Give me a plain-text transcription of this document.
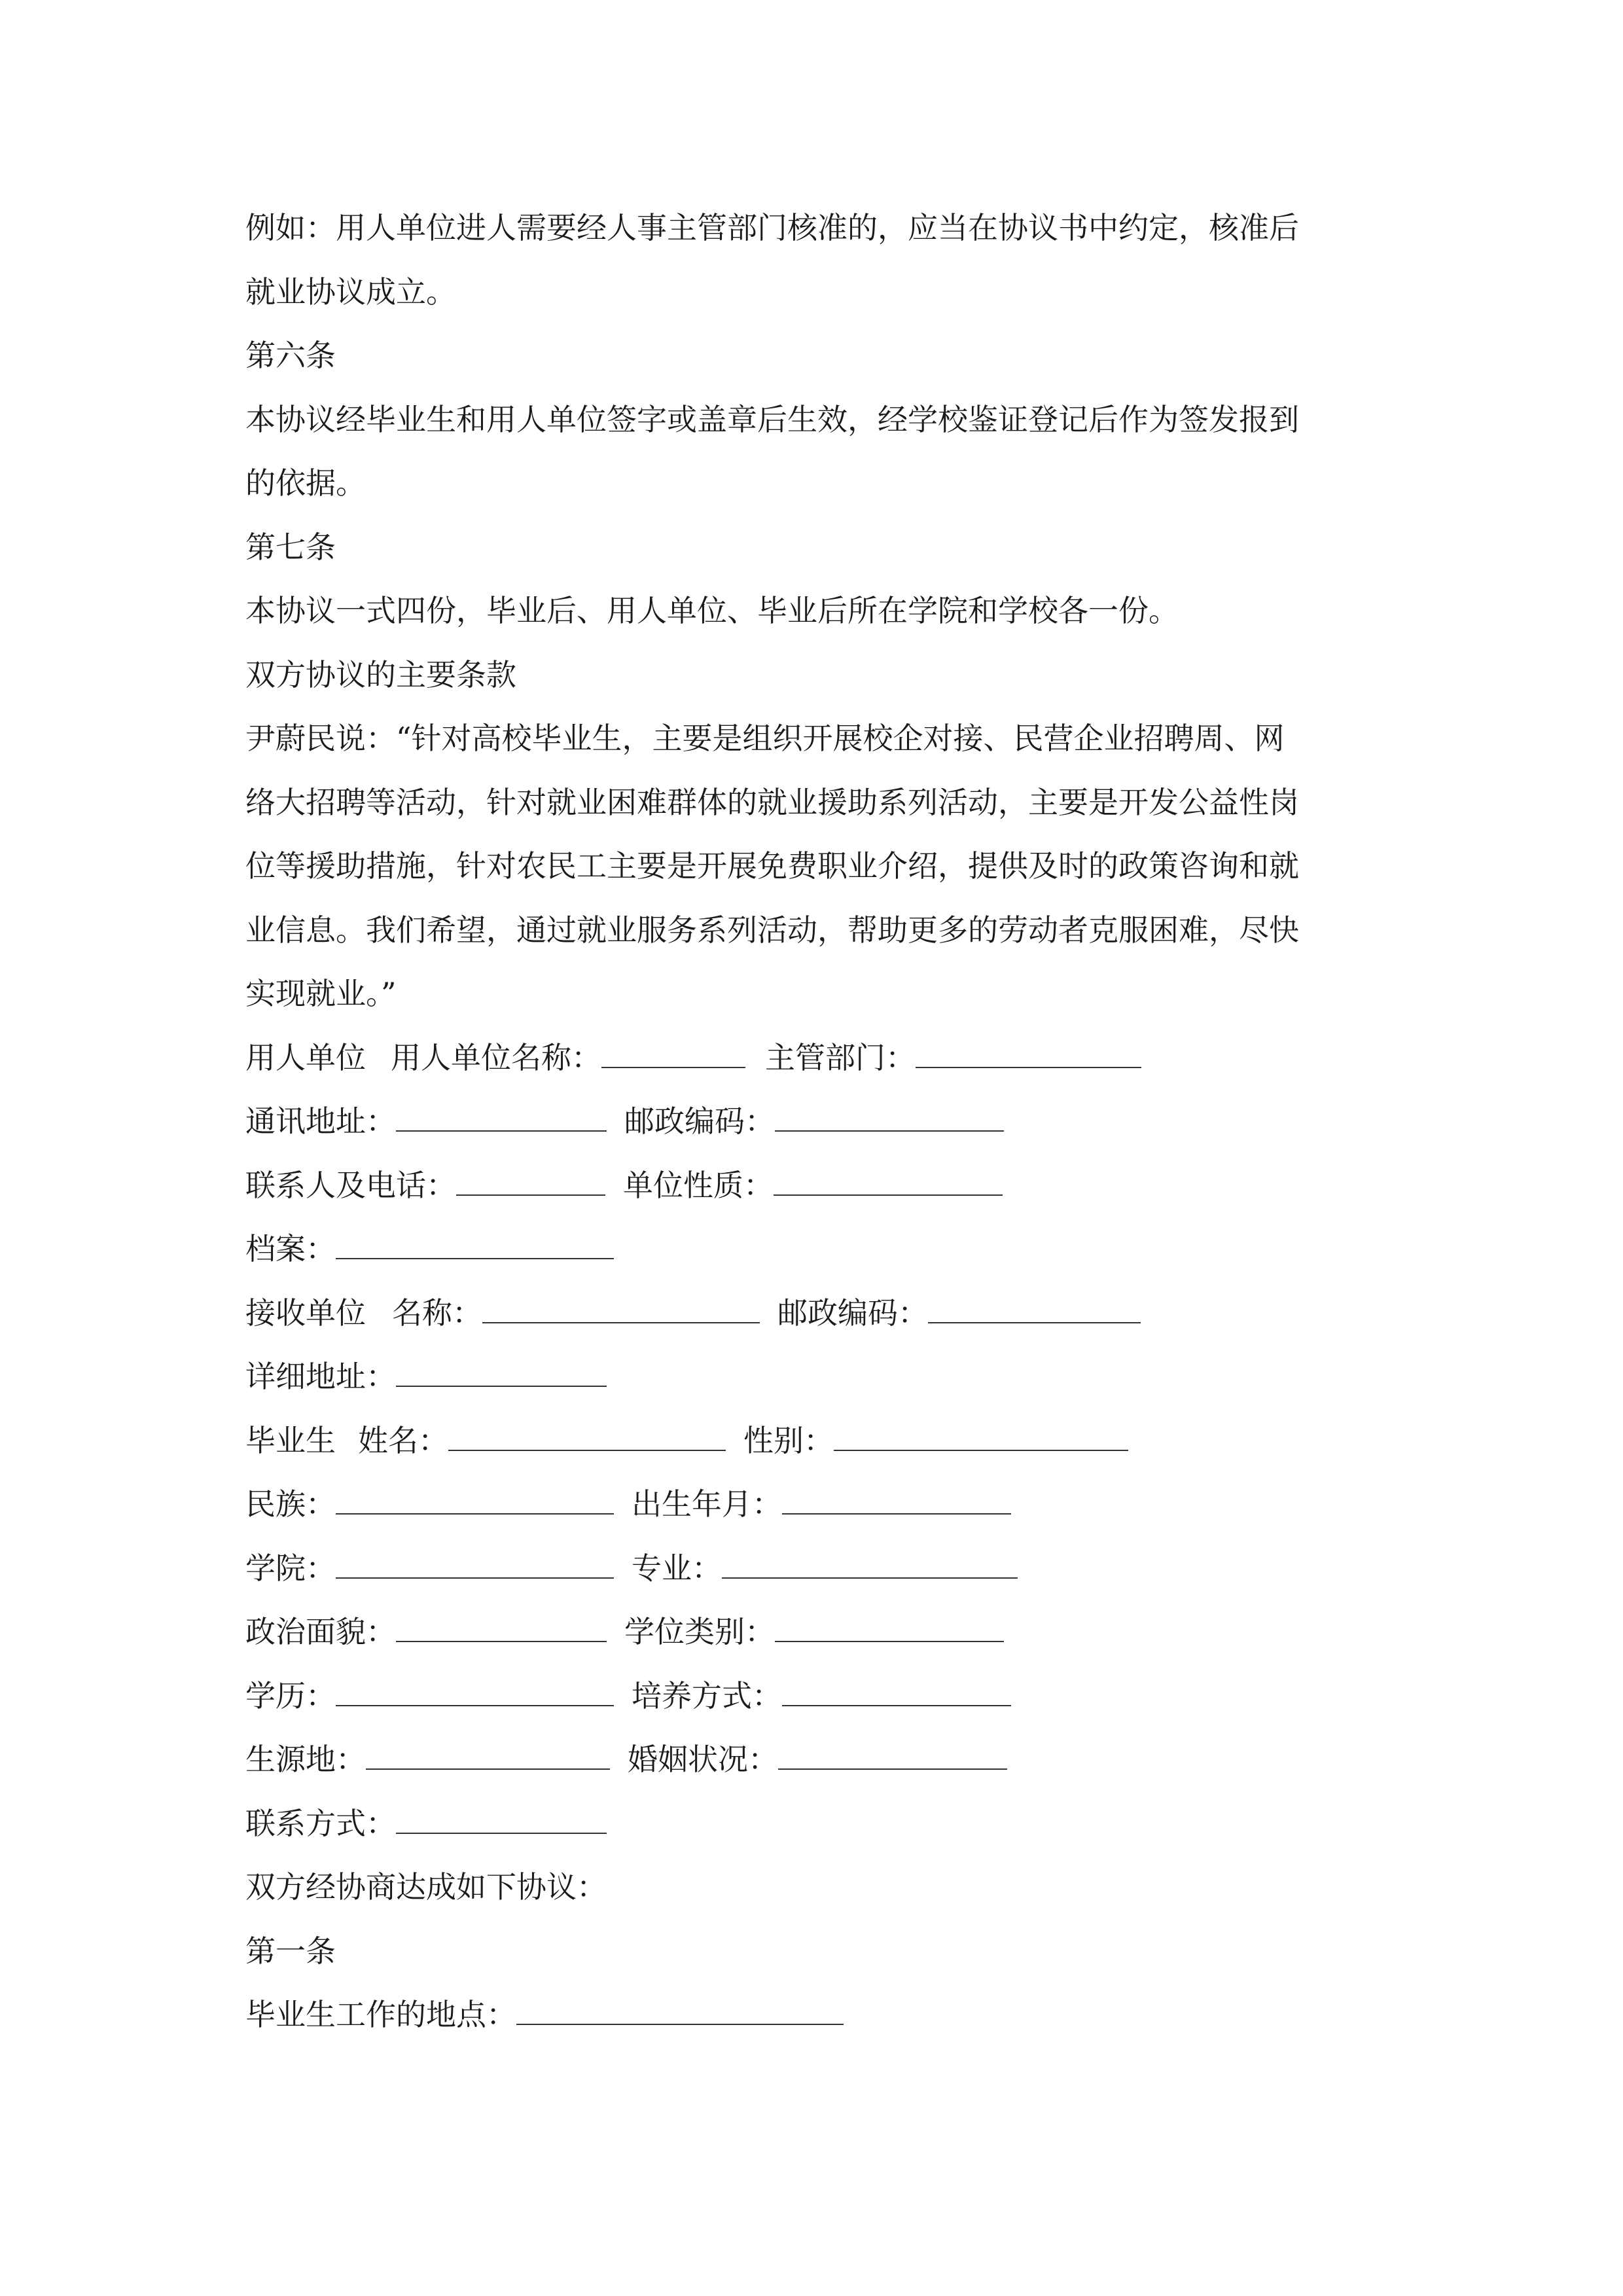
例如：用人单位进人需要经人事主管部门核准的，应当在协议书中约定，核准后
就业协议成立。
第六条
本协议经毕业生和用人单位签字或盖章后生效，经学校鉴证登记后作为签发报到
的依据。
第七条
本协议一式四份，毕业后、用人单位、毕业后所在学院和学校各一份。
双方协议的主要条款
尹蔚民说：“针对高校毕业生，主要是组织开展校企对接、民营企业招聘周、网
络大招聘等活动，针对就业困难群体的就业援助系列活动，主要是开发公益性岗
位等援助措施，针对农民工主要是开展免费职业介绍，提供及时的政策咨询和就
业信息。我们希望，通过就业服务系列活动，帮助更多的劳动者克服困难，尽快
实现就业。”
用人单位 用人单位名称：	主管部门：
通讯地址：	邮政编码：
联系人及电话：	单位性质：
档案：
接收单位 名称：	邮政编码：
详细地址：
毕业生 姓名：	性别：
民族：	出生年月：
学院：	专业：
政治面貌：	学位类别：
学历：	培养方式：
生源地：	婚姻状况：
联系方式：
双方经协商达成如下协议：
第一条
毕业生工作的地点：
